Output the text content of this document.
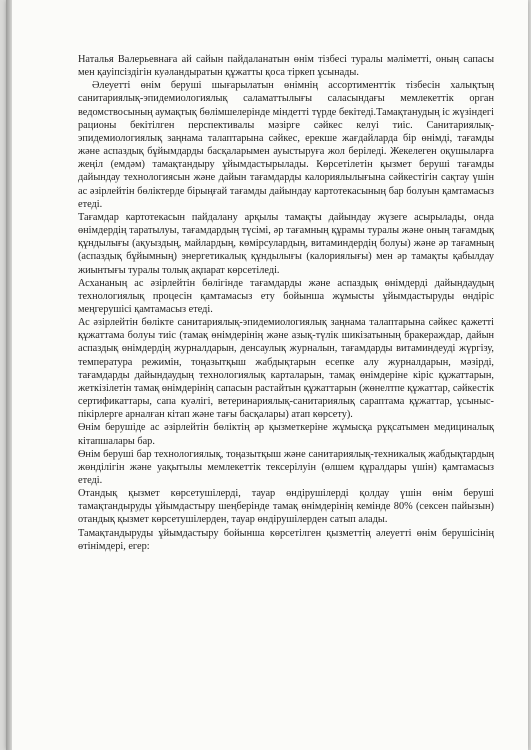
Наталья Валерьевнаға ай сайын пайдаланатын өнім тізбесі туралы мәліметті, оның сапасы мен қауіпсіздігін куәландыратын құжатты қоса тіркеп ұсынады.

Әлеуетті өнім беруші шығарылатын өнімнің ассортименттік тізбесін халықтың санитариялық-эпидемиологиялық саламаттылығы саласындағы мемлекеттік орган ведомствосының аумақтық бөлімшелерінде міндетті түрде бекітеді.Тамақтанудың іс жүзіндегі рационы бекітілген перспективалы мәзірге сәйкес келуі тиіс. Санитариялық-эпидемиологиялық заңнама талаптарына сәйкес, ерекше жағдайларда бір өнімді, тағамды және аспаздық бұйымдарды басқаларымен ауыстыруға жол беріледі. Жекелеген оқушыларға жеңіл (емдәм) тамақтандыру ұйымдастырылады. Көрсетілетін қызмет беруші тағамды дайындау технологиясын және дайын тағамдарды калориялылығына сәйкестігін сақтау үшін ас әзірлейтін бөліктерде бірыңғай тағамды дайындау картотекасының бар болуын қамтамасыз етеді.

Тағамдар картотекасын пайдалану арқылы тамақты дайындау жүзеге асырылады, онда өнімдердің таратылуы, тағамдардың түсімі, әр тағамның құрамы туралы және оның тағамдық құндылығы (ақуыздың, майлардың, көмірсулардың, витаминдердің болуы) және әр тағамның (аспаздық бұйымның) энергетикалық құндылығы (калориялығы) мен әр тамақты қабылдау жиынтығы туралы толық ақпарат көрсетіледі.

Асхананың ас әзірлейтін бөлігінде тағамдарды және аспаздық өнімдерді дайындаудың технологиялық процесін қамтамасыз ету бойынша жұмысты ұйымдастыруды өндіріс меңгерушісі қамтамасыз етеді.

Ас әзірлейтін бөлікте санитариялық-эпидемиологиялық заңнама талаптарына сәйкес қажетті құжаттама болуы тиіс (тамақ өнімдерінің және азық-түлік шикізатының бракераждар, дайын аспаздық өнімдердің журналдарын, денсаулық журналын, тағамдарды витаминдеуді жүргізу, температура режимін, тоңазытқыш жабдықтарын есепке алу журналдарын, мәзірді, тағамдарды дайындаудың технологиялық карталарын, тамақ өнімдеріне кіріс құжаттарын, жеткізілетін тамақ өнімдерінің сапасын растайтын құжаттарын (жөнелтпе құжаттар, сәйкестік сертификаттары, сапа куәлігі, ветеринариялық-санитариялық сараптама құжаттар, ұсыныс-пікірлерге арналған кітап және тағы басқалары) атап көрсету).

Өнім берушіде ас әзірлейтін бөліктің әр қызметкеріне жұмысқа рұқсатымен медициналық кітапшалары бар.

Өнім беруші бар технологиялық, тоңазытқыш және санитариялық-техникалық жабдықтардың жөнділігін және уақытылы мемлекеттік тексерілуін (өлшем құралдары үшін) қамтамасыз етеді.

Отандық қызмет көрсетушілерді, тауар өндірушілерді қолдау үшін өнім беруші тамақтандыруды ұйымдастыру шеңберінде тамақ өнімдерінің кемінде 80% (сексен пайызын) отандық қызмет көрсетушілерден, тауар өндірушілерден сатып алады.

Тамақтандыруды ұйымдастыру бойынша көрсетілген қызметтің әлеуетті өнім берушісінің өтінімдері, егер:
